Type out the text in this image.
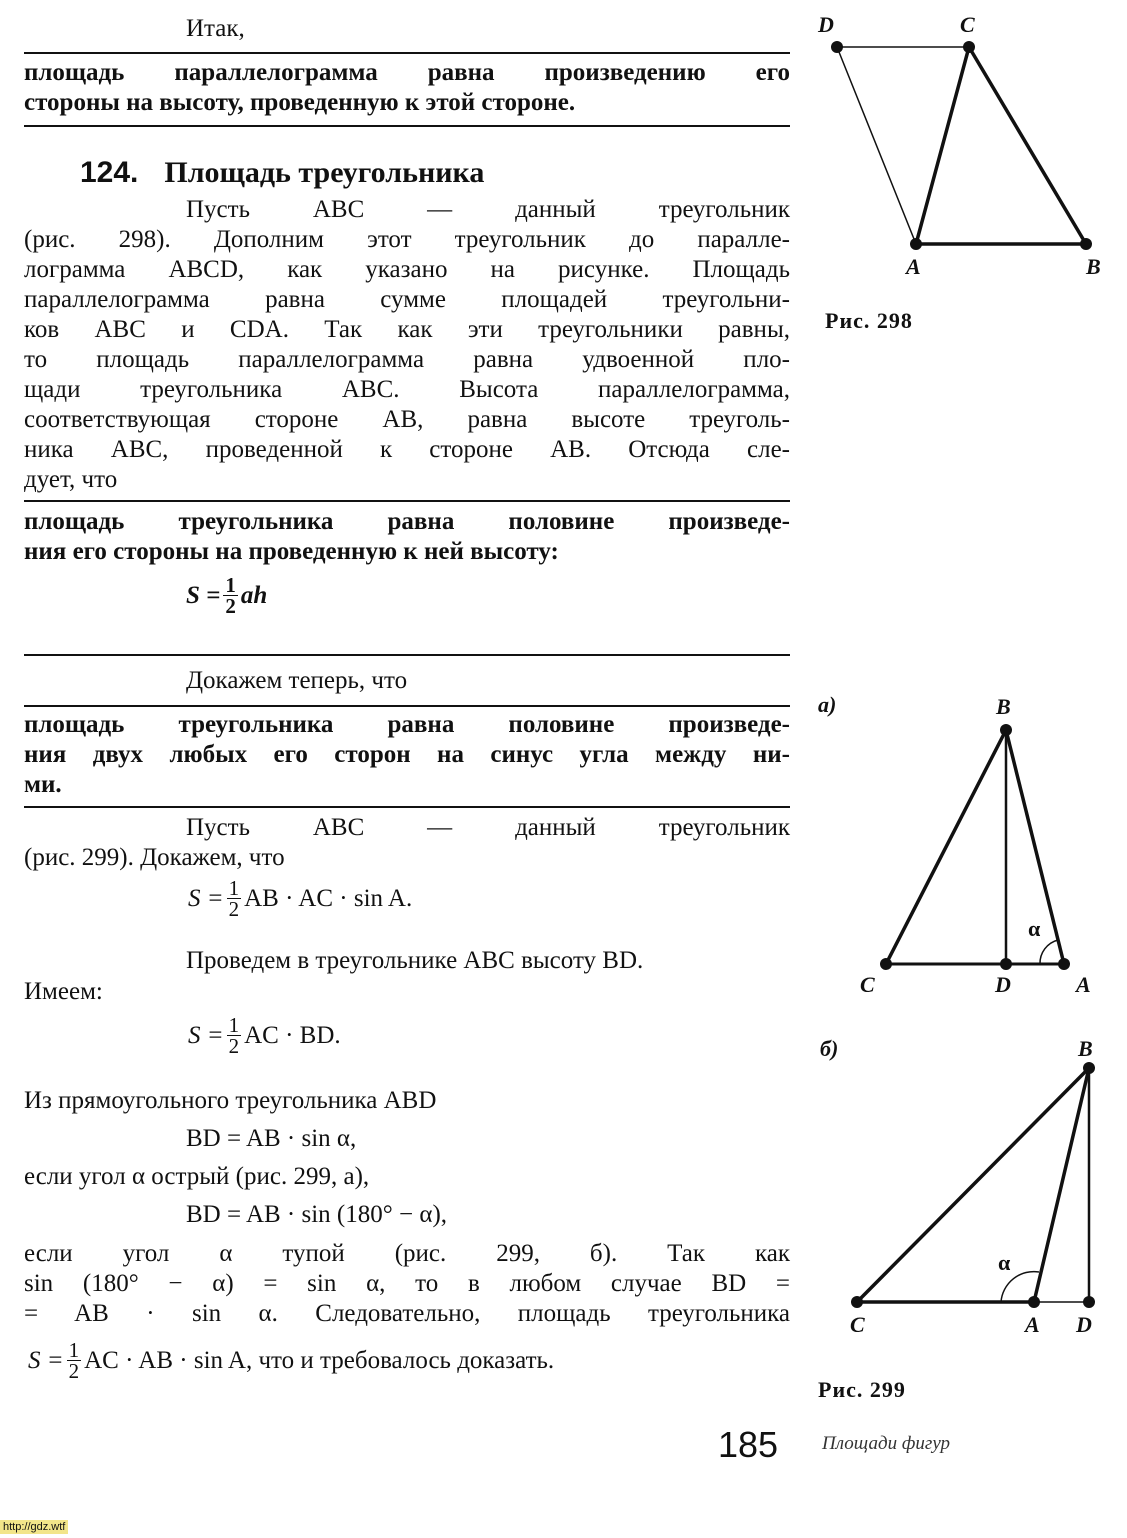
Итак,
площадь параллелограмма равна произведению его
стороны на высоту, проведенную к этой стороне.
124. Площадь треугольника
Пусть ABC — данный треугольник
(рис. 298). Дополним этот треугольник до паралле-
лограмма ABCD, как указано на рисунке. Площадь
параллелограмма равна сумме площадей треугольни-
ков ABC и CDA. Так как эти треугольники равны,
то площадь параллелограмма равна удвоенной пло-
щади треугольника ABC. Высота параллелограмма,
соответствующая стороне AB, равна высоте треуголь-
ника ABC, проведенной к стороне AB. Отсюда сле-
дует, что
площадь треугольника равна половине произведе-
ния его стороны на проведенную к ней высоту:
$S = \frac{1}{2}$ ah
Докажем теперь, что
площадь треугольника равна половине произведе-
ния двух любых его сторон на синус угла между ни-
ми.
Пусть ABC — данный треугольник
(рис. 299). Докажем, что
$S = \frac{1}{2}$ AB · AC · sin A.
Проведем в треугольнике ABC высоту BD.
Имеем:
$S = \frac{1}{2}$ AC · BD.
Из прямоугольного треугольника ABD
BD = AB · sin α,
если угол α острый (рис. 299, а),
BD = AB · sin (180° − α),
если угол α тупой (рис. 299, б). Так как
sin (180° − α) = sin α, то в любом случае BD =
= AB · sin α. Следовательно, площадь треугольника
$S = \frac{1}{2}$ AC · AB · sin A , что и требовалось доказать.
D	C
A	B
Рис. 298
а)	B
C	D	A
α
б)	B
C	A D
α
Рис. 299
185 Площади фигур
http://gdz.wtf
